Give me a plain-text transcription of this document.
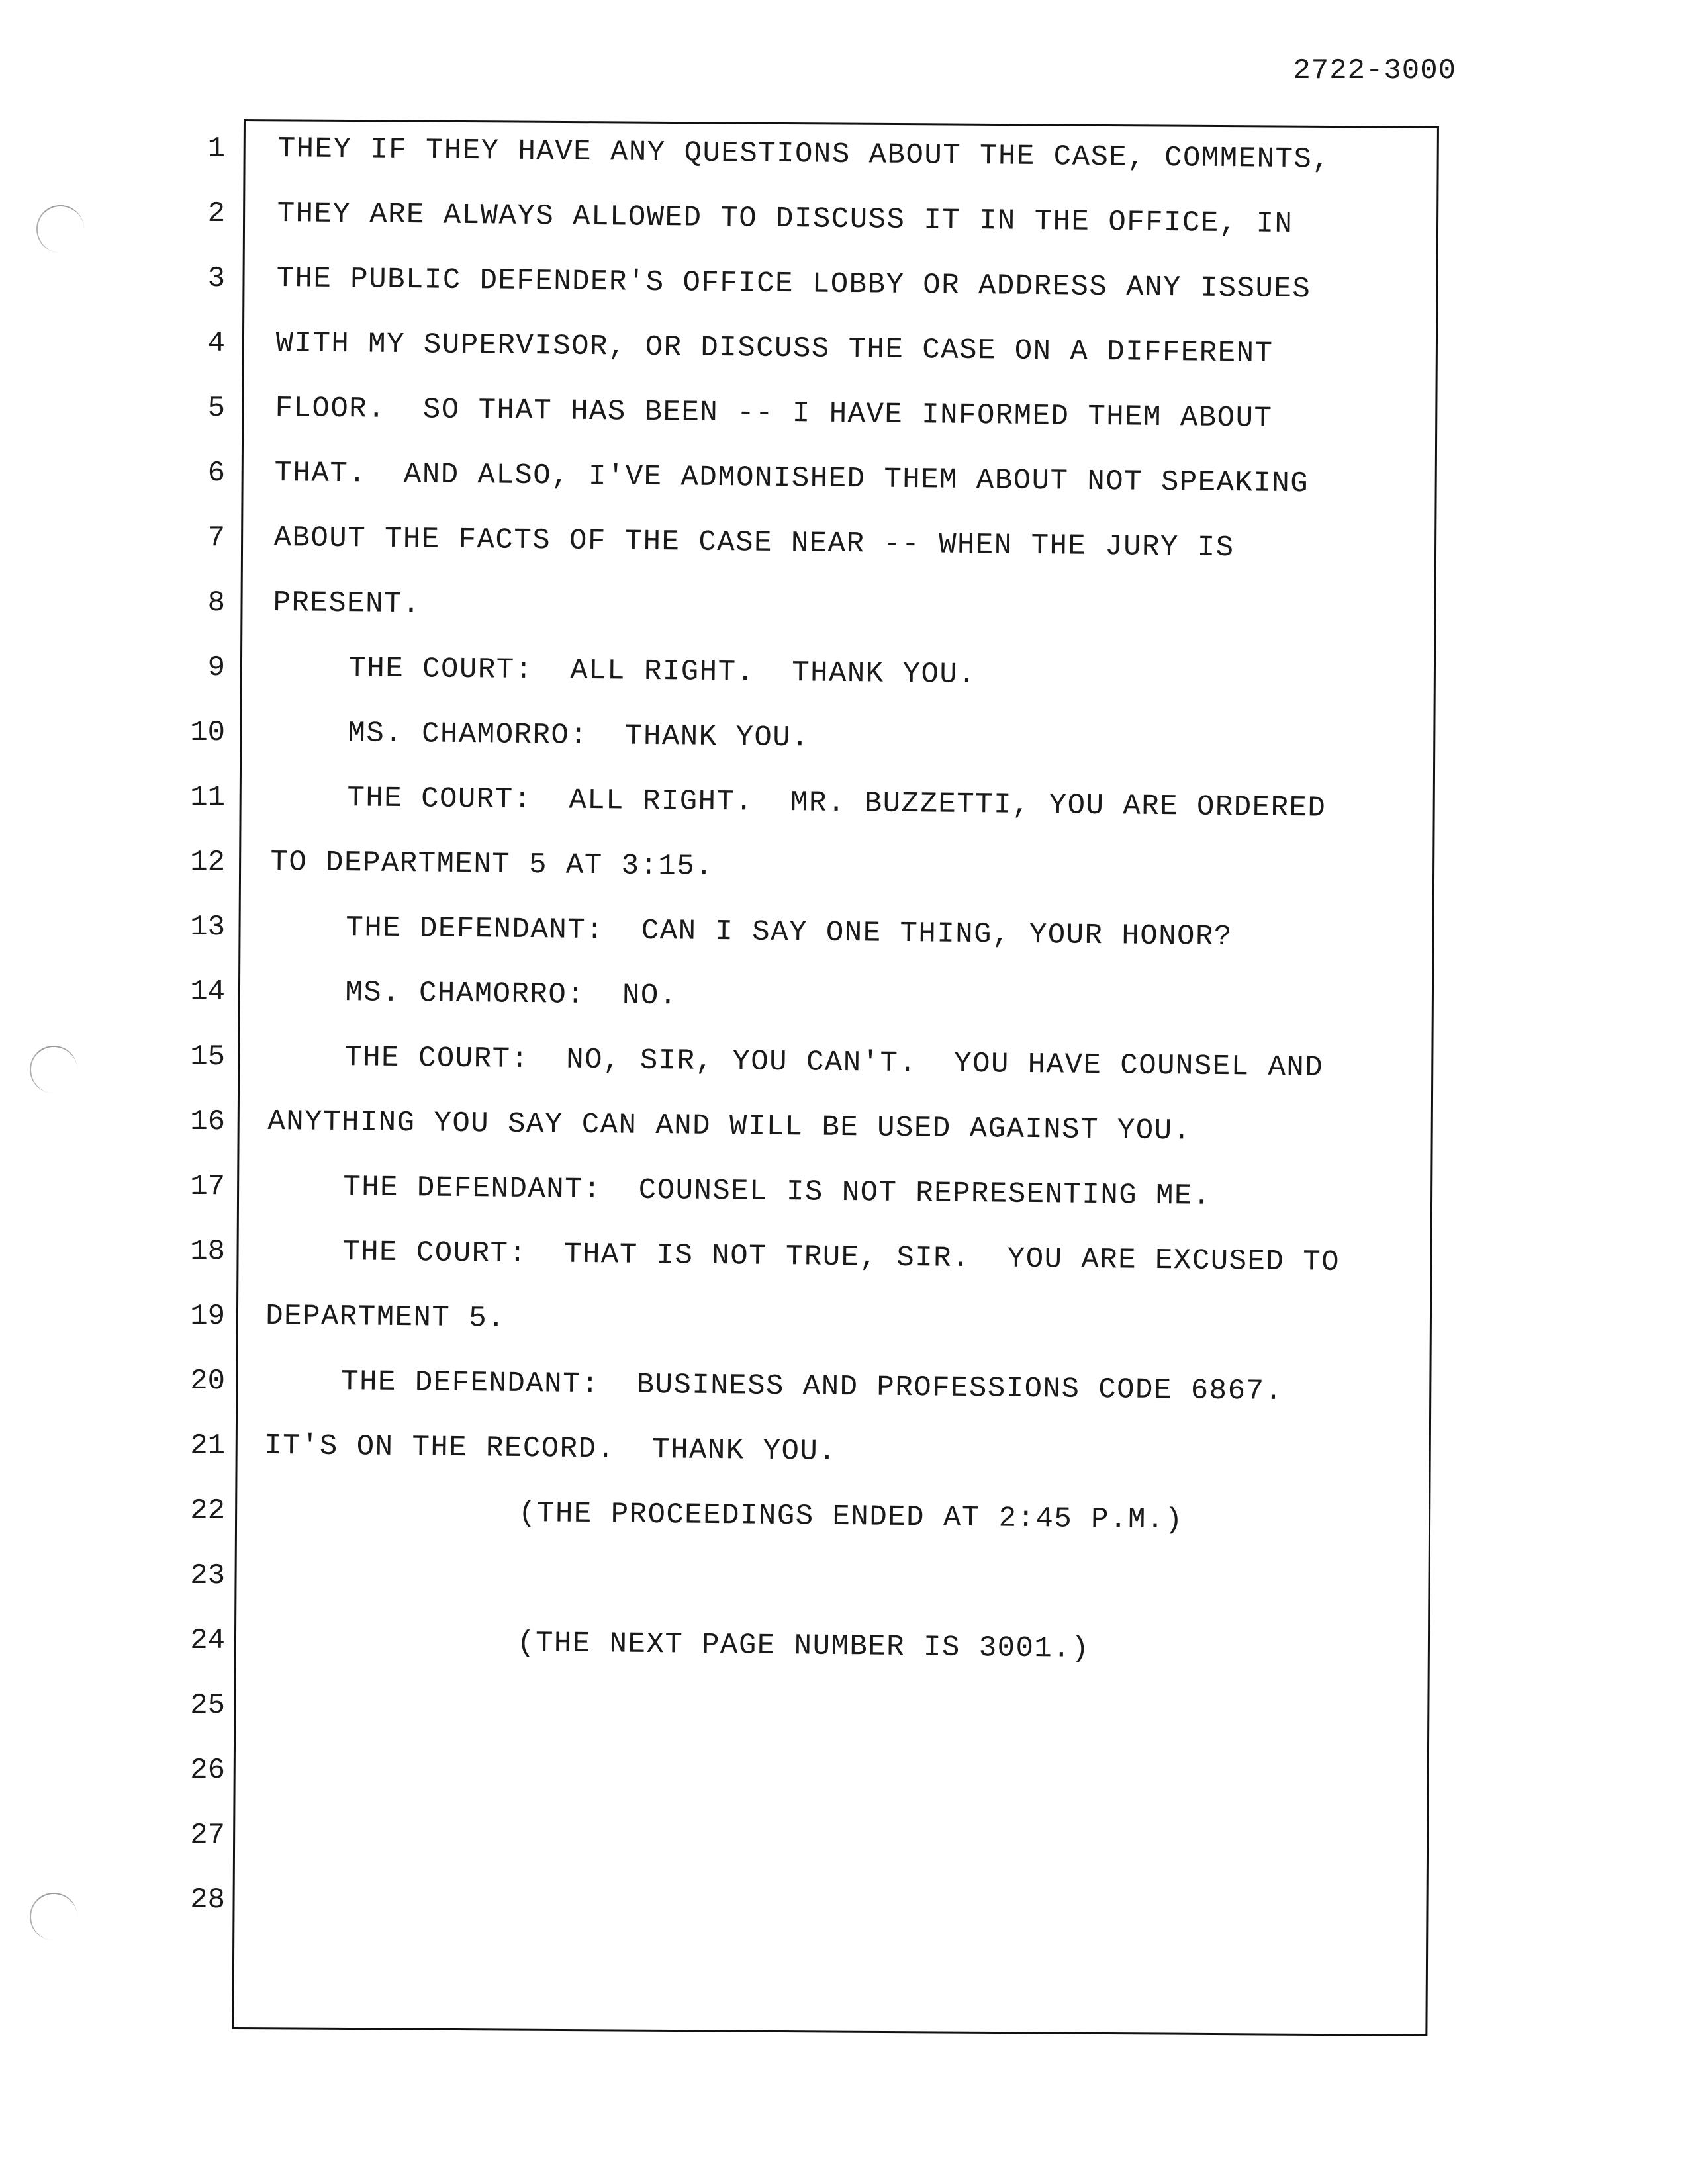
2722-3000
1
2
3
4
5
6
7
8
9
10
11
12
13
14
15
16
17
18
19
20
21
22
23
24
25
26
27
28
THEY IF THEY HAVE ANY QUESTIONS ABOUT THE CASE, COMMENTS,
THEY ARE ALWAYS ALLOWED TO DISCUSS IT IN THE OFFICE, IN
THE PUBLIC DEFENDER'S OFFICE LOBBY OR ADDRESS ANY ISSUES
WITH MY SUPERVISOR, OR DISCUSS THE CASE ON A DIFFERENT
FLOOR.  SO THAT HAS BEEN -- I HAVE INFORMED THEM ABOUT
THAT.  AND ALSO, I'VE ADMONISHED THEM ABOUT NOT SPEAKING
ABOUT THE FACTS OF THE CASE NEAR -- WHEN THE JURY IS
PRESENT.
THE COURT:  ALL RIGHT.  THANK YOU.
MS. CHAMORRO:  THANK YOU.
THE COURT:  ALL RIGHT.  MR. BUZZETTI, YOU ARE ORDERED
TO DEPARTMENT 5 AT 3:15.
THE DEFENDANT:  CAN I SAY ONE THING, YOUR HONOR?
MS. CHAMORRO:  NO.
THE COURT:  NO, SIR, YOU CAN'T.  YOU HAVE COUNSEL AND
ANYTHING YOU SAY CAN AND WILL BE USED AGAINST YOU.
THE DEFENDANT:  COUNSEL IS NOT REPRESENTING ME.
THE COURT:  THAT IS NOT TRUE, SIR.  YOU ARE EXCUSED TO
DEPARTMENT 5.
THE DEFENDANT:  BUSINESS AND PROFESSIONS CODE 6867.
IT'S ON THE RECORD.  THANK YOU.
(THE PROCEEDINGS ENDED AT 2:45 P.M.)
(THE NEXT PAGE NUMBER IS 3001.)
